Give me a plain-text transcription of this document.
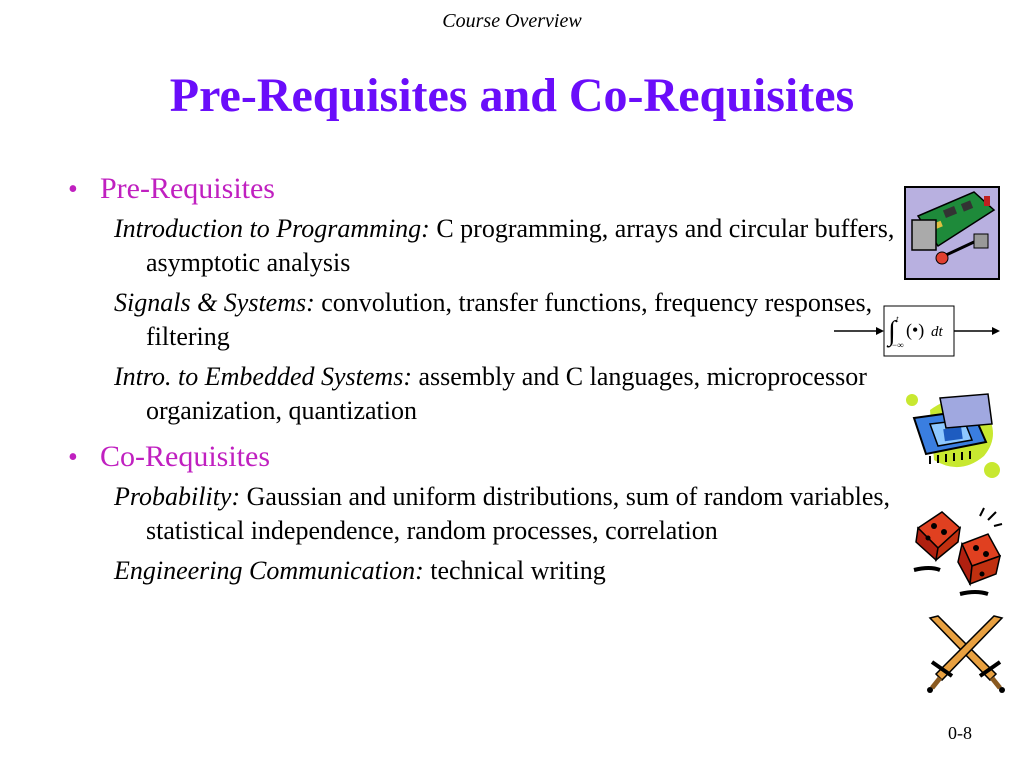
Course Overview
Pre-Requisites and Co-Requisites
• Pre-Requisites
Introduction to Programming: C programming, arrays and circular buffers, asymptotic analysis
Signals & Systems: convolution, transfer functions, frequency responses, filtering
Intro. to Embedded Systems: assembly and C languages, microprocessor organization, quantization
• Co-Requisites
Probability: Gaussian and uniform distributions, sum of random variables, statistical independence, random processes, correlation
Engineering Communication: technical writing
∫ t
−∞
(•) dt
0-8
